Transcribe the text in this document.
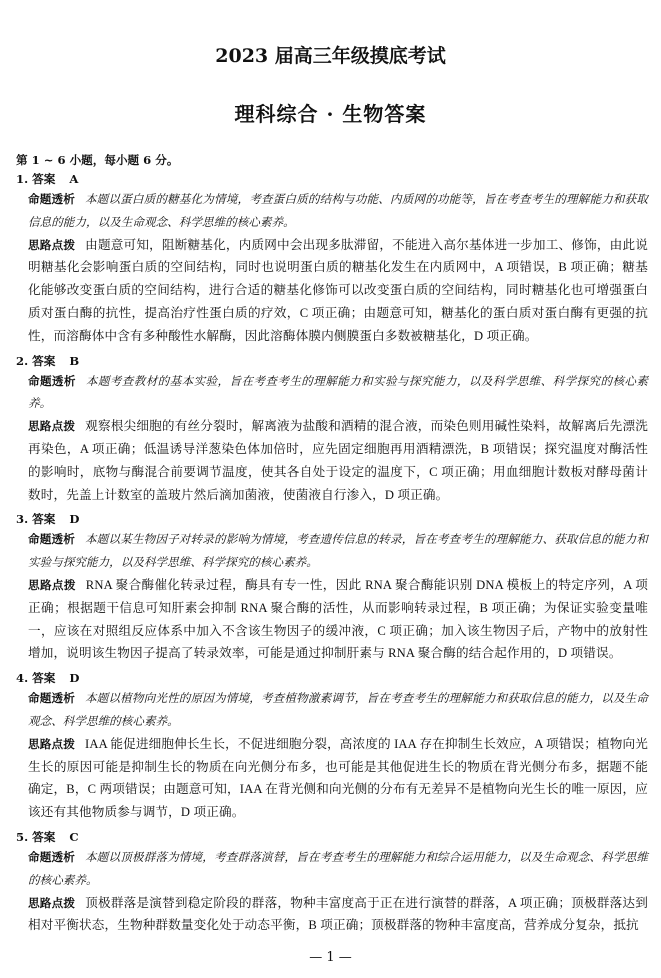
2023 届高三年级摸底考试
理科综合 · 生物答案
第 1 ~ 6 小题，每小题 6 分。
1. 答案 A
命题透析 本题以蛋白质的糖基化为情境，考查蛋白质的结构与功能、内质网的功能等，旨在考查考生的理解能力和获取信息的能力，以及生命观念、科学思维的核心素养。
思路点拨 由题意可知，阻断糖基化，内质网中会出现多肽滞留，不能进入高尔基体进一步加工、修饰，由此说明糖基化会影响蛋白质的空间结构，同时也说明蛋白质的糖基化发生在内质网中，A 项错误，B 项正确；糖基化能够改变蛋白质的空间结构，进行合适的糖基化修饰可以改变蛋白质的空间结构，同时糖基化也可增强蛋白质对蛋白酶的抗性，提高治疗性蛋白质的疗效，C 项正确；由题意可知，糖基化的蛋白质对蛋白酶有更强的抗性，而溶酶体中含有多种酸性水解酶，因此溶酶体膜内侧膜蛋白多数被糖基化，D 项正确。
2. 答案 B
命题透析 本题考查教材的基本实验，旨在考查考生的理解能力和实验与探究能力，以及科学思维、科学探究的核心素养。
思路点拨 观察根尖细胞的有丝分裂时，解离液为盐酸和酒精的混合液，而染色则用碱性染料，故解离后先漂洗再染色，A 项正确；低温诱导洋葱染色体加倍时，应先固定细胞再用酒精漂洗，B 项错误；探究温度对酶活性的影响时，底物与酶混合前要调节温度，使其各自处于设定的温度下，C 项正确；用血细胞计数板对酵母菌计数时，先盖上计数室的盖玻片然后滴加菌液，使菌液自行渗入，D 项正确。
3. 答案 D
命题透析 本题以某生物因子对转录的影响为情境，考查遗传信息的转录，旨在考查考生的理解能力、获取信息的能力和实验与探究能力，以及科学思维、科学探究的核心素养。
思路点拨 RNA 聚合酶催化转录过程，酶具有专一性，因此 RNA 聚合酶能识别 DNA 模板上的特定序列，A 项正确；根据题干信息可知肝素会抑制 RNA 聚合酶的活性，从而影响转录过程，B 项正确；为保证实验变量唯一，应该在对照组反应体系中加入不含该生物因子的缓冲液，C 项正确；加入该生物因子后，产物中的放射性增加，说明该生物因子提高了转录效率，可能是通过抑制肝素与 RNA 聚合酶的结合起作用的，D 项错误。
4. 答案 D
命题透析 本题以植物向光性的原因为情境，考查植物激素调节，旨在考查考生的理解能力和获取信息的能力，以及生命观念、科学思维的核心素养。
思路点拨 IAA 能促进细胞伸长生长，不促进细胞分裂，高浓度的 IAA 存在抑制生长效应，A 项错误；植物向光生长的原因可能是抑制生长的物质在向光侧分布多，也可能是其他促进生长的物质在背光侧分布多，据题不能确定，B，C 两项错误；由题意可知，IAA 在背光侧和向光侧的分布有无差异不是植物向光生长的唯一原因，应该还有其他物质参与调节，D 项正确。
5. 答案 C
命题透析 本题以顶极群落为情境，考查群落演替，旨在考查考生的理解能力和综合运用能力，以及生命观念、科学思维的核心素养。
思路点拨 顶极群落是演替到稳定阶段的群落，物种丰富度高于正在进行演替的群落，A 项正确；顶极群落达到相对平衡状态，生物种群数量变化处于动态平衡，B 项正确；顶极群落的物种丰富度高，营养成分复杂，抵抗
— 1 —
